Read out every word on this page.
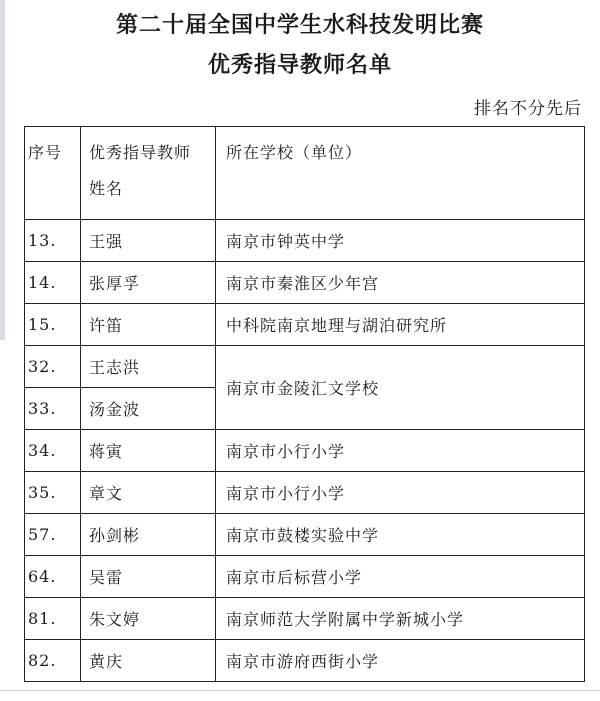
第二十届全国中学生水科技发明比赛
优秀指导教师名单
排名不分先后
序号	优秀指导教师姓名	所在学校（单位）
13.	王强	南京市钟英中学
14.	张厚孚	南京市秦淮区少年宫
15.	许笛	中科院南京地理与湖泊研究所
32.	王志洪	南京市金陵汇文学校
33.	汤金波	
34.	蒋寅	南京市小行小学
35.	章文	南京市小行小学
57.	孙剑彬	南京市鼓楼实验中学
64.	吴雷	南京市后标营小学
81.	朱文婷	南京师范大学附属中学新城小学
82.	黄庆	南京市游府西街小学
